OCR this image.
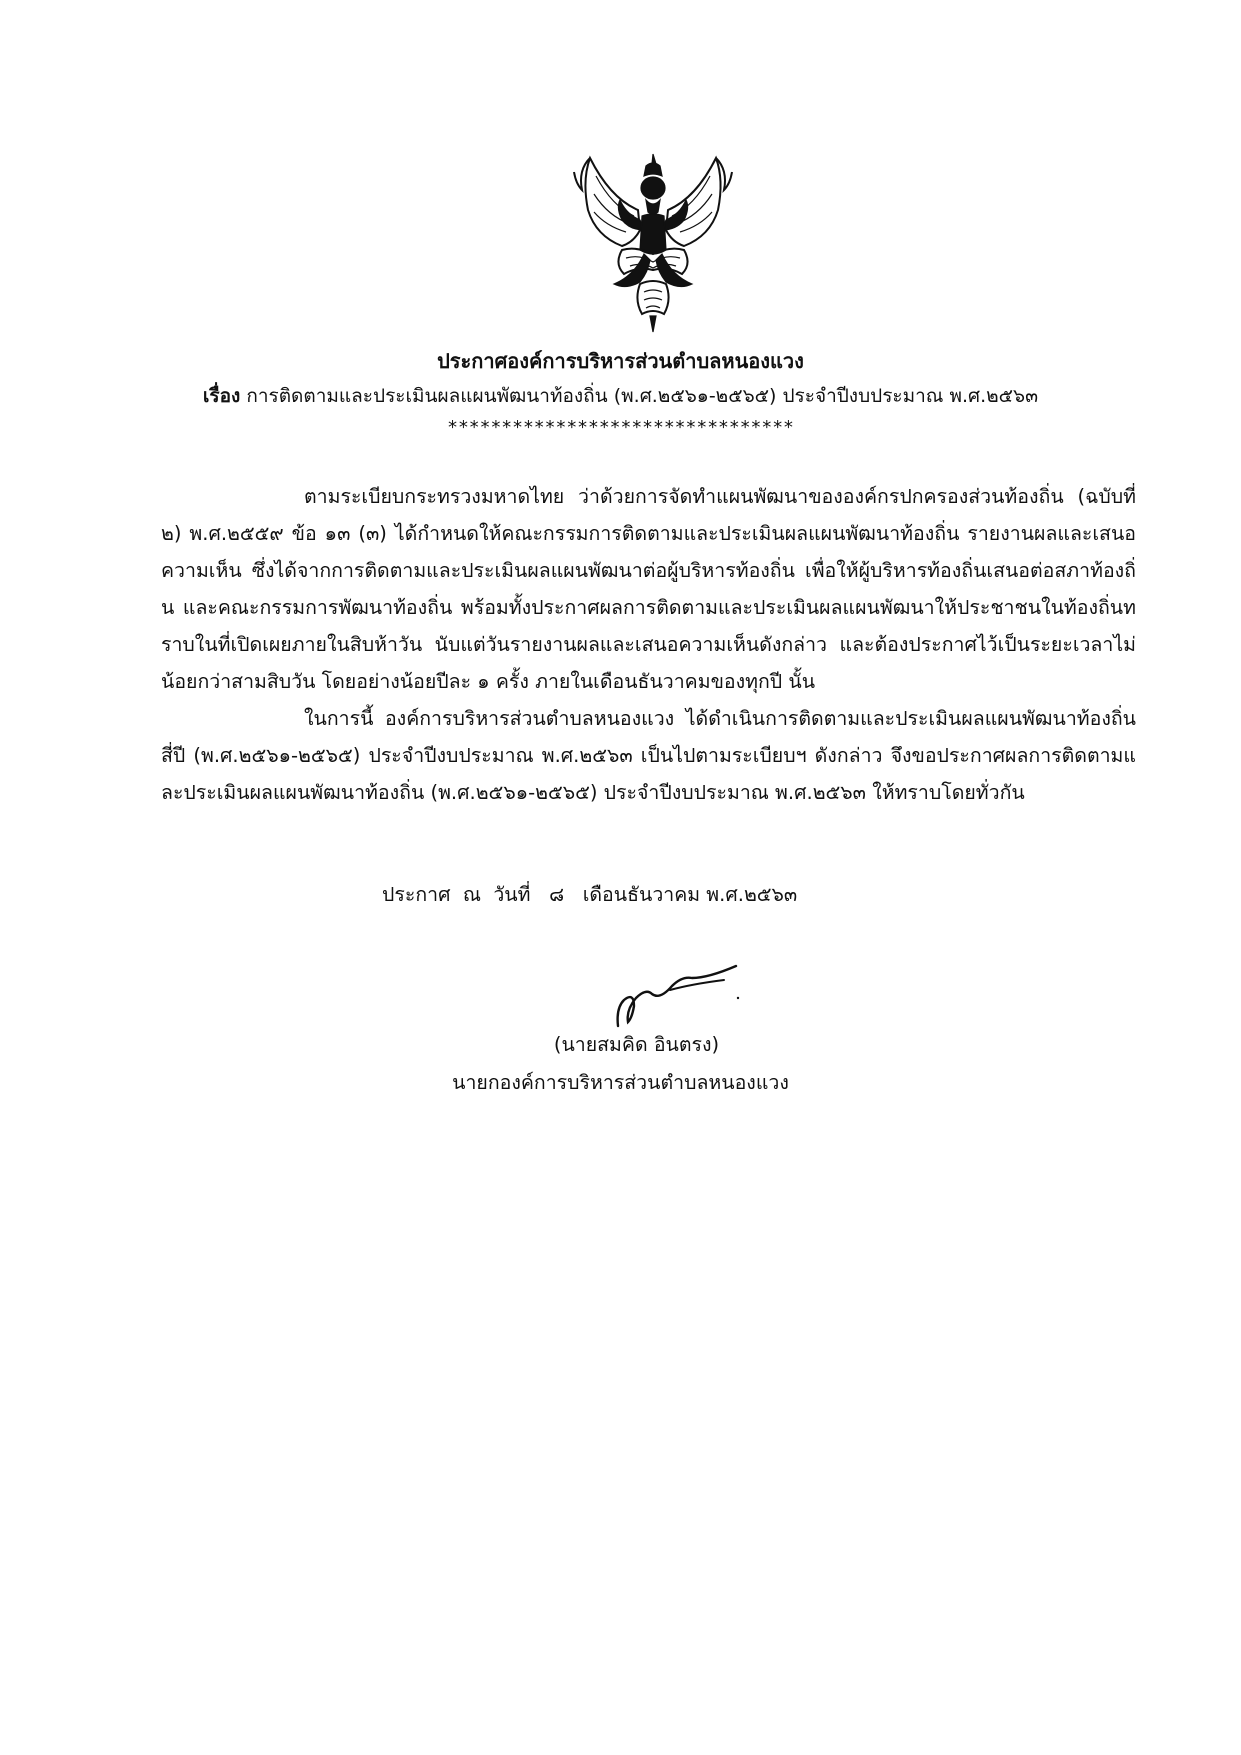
ประกาศองค์การบริหารส่วนตำบลหนองแวง
เรื่อง การติดตามและประเมินผลแผนพัฒนาท้องถิ่น (พ.ศ.๒๕๖๑-๒๕๖๕) ประจำปีงบประมาณ พ.ศ.๒๕๖๓
********************************
ตามระเบียบกระทรวงมหาดไทย ว่าด้วยการจัดทำแผนพัฒนาขององค์กรปกครองส่วนท้องถิ่น (ฉบับที่ ๒) พ.ศ.๒๕๕๙ ข้อ ๑๓ (๓) ได้กำหนดให้คณะกรรมการติดตามและประเมินผลแผนพัฒนาท้องถิ่น รายงานผลและเสนอความเห็น ซึ่งได้จากการติดตามและประเมินผลแผนพัฒนาต่อผู้บริหารท้องถิ่น เพื่อให้ผู้บริหารท้องถิ่นเสนอต่อสภาท้องถิ่น และคณะกรรมการพัฒนาท้องถิ่น พร้อมทั้งประกาศผลการติดตามและประเมินผลแผนพัฒนาให้ประชาชนในท้องถิ่นทราบในที่เปิดเผยภายในสิบห้าวัน นับแต่วันรายงานผลและเสนอความเห็นดังกล่าว และต้องประกาศไว้เป็นระยะเวลาไม่น้อยกว่าสามสิบวัน โดยอย่างน้อยปีละ ๑ ครั้ง ภายในเดือนธันวาคมของทุกปี นั้น
ในการนี้ องค์การบริหารส่วนตำบลหนองแวง ได้ดำเนินการติดตามและประเมินผลแผนพัฒนาท้องถิ่นสี่ปี (พ.ศ.๒๕๖๑-๒๕๖๕) ประจำปีงบประมาณ พ.ศ.๒๕๖๓ เป็นไปตามระเบียบฯ ดังกล่าว จึงขอประกาศผลการติดตามและประเมินผลแผนพัฒนาท้องถิ่น (พ.ศ.๒๕๖๑-๒๕๖๕) ประจำปีงบประมาณ พ.ศ.๒๕๖๓ ให้ทราบโดยทั่วกัน
ประกาศ  ณ  วันที่   ๘   เดือนธันวาคม พ.ศ.๒๕๖๓
(นายสมคิด อินตรง)
นายกองค์การบริหารส่วนตำบลหนองแวง
